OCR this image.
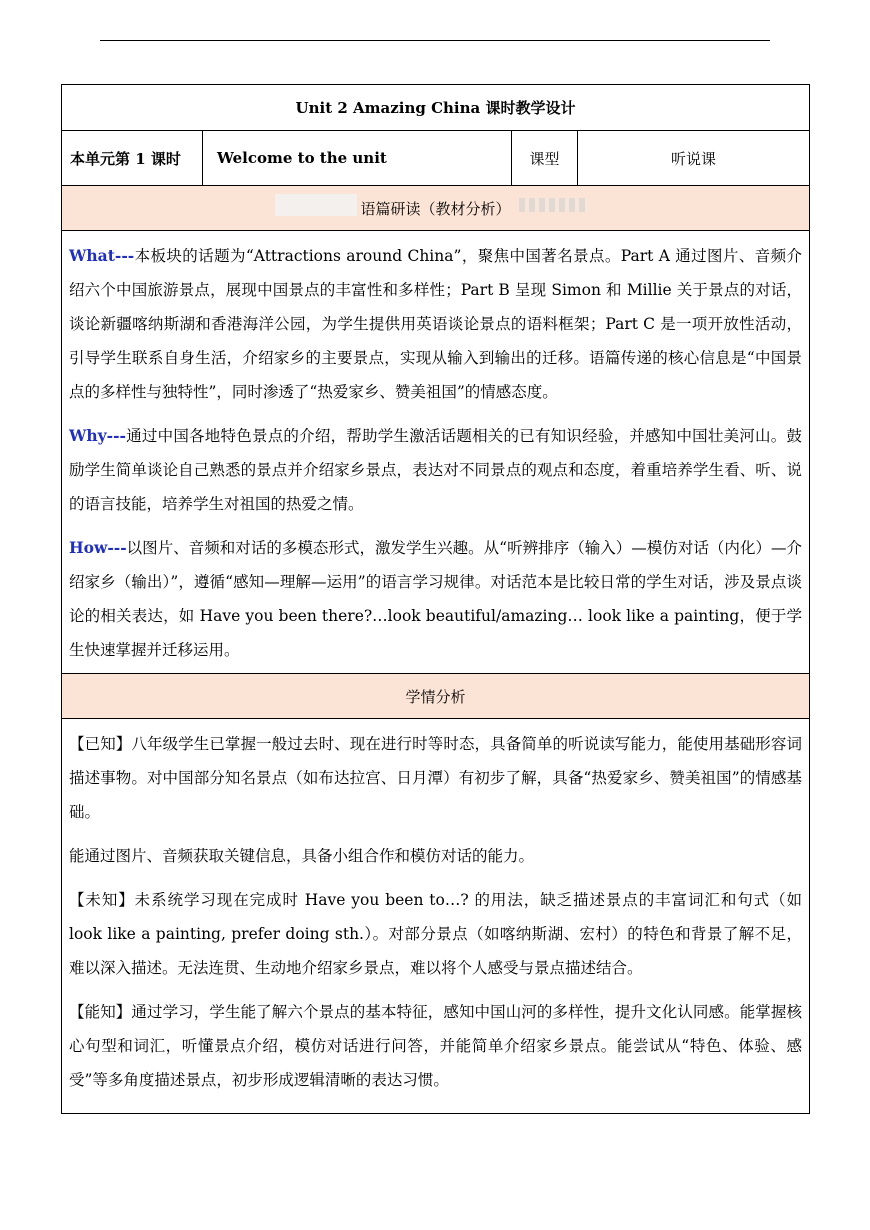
Unit 2 Amazing China 课时教学设计
本单元第 1 课时	Welcome to the unit	课型	听说课

语篇研读（教材分析）

What---本板块的话题为“Attractions around China”，聚焦中国著名景点。Part A 通过图片、音频介绍六个中国旅游景点，展现中国景点的丰富性和多样性；Part B 呈现 Simon 和 Millie 关于景点的对话，谈论新疆喀纳斯湖和香港海洋公园，为学生提供用英语谈论景点的语料框架；Part C 是一项开放性活动，引导学生联系自身生活，介绍家乡的主要景点，实现从输入到输出的迁移。语篇传递的核心信息是“中国景点的多样性与独特性”，同时渗透了“热爱家乡、赞美祖国”的情感态度。

Why---通过中国各地特色景点的介绍，帮助学生激活话题相关的已有知识经验，并感知中国壮美河山。鼓励学生简单谈论自己熟悉的景点并介绍家乡景点，表达对不同景点的观点和态度，着重培养学生看、听、说的语言技能，培养学生对祖国的热爱之情。

How---以图片、音频和对话的多模态形式，激发学生兴趣。从“听辨排序（输入）—模仿对话（内化）—介绍家乡（输出）”，遵循“感知—理解—运用”的语言学习规律。对话范本是比较日常的学生对话，涉及景点谈论的相关表达，如 Have you been there?…look beautiful/amazing… look like a painting，便于学生快速掌握并迁移运用。

学情分析

【已知】八年级学生已掌握一般过去时、现在进行时等时态，具备简单的听说读写能力，能使用基础形容词描述事物。对中国部分知名景点（如布达拉宫、日月潭）有初步了解，具备“热爱家乡、赞美祖国”的情感基础。

能通过图片、音频获取关键信息，具备小组合作和模仿对话的能力。

【未知】未系统学习现在完成时 Have you been to…? 的用法，缺乏描述景点的丰富词汇和句式（如 look like a painting, prefer doing sth.）。对部分景点（如喀纳斯湖、宏村）的特色和背景了解不足，难以深入描述。无法连贯、生动地介绍家乡景点，难以将个人感受与景点描述结合。

【能知】通过学习，学生能了解六个景点的基本特征，感知中国山河的多样性，提升文化认同感。能掌握核心句型和词汇，听懂景点介绍，模仿对话进行问答，并能简单介绍家乡景点。能尝试从“特色、体验、感受”等多角度描述景点，初步形成逻辑清晰的表达习惯。
